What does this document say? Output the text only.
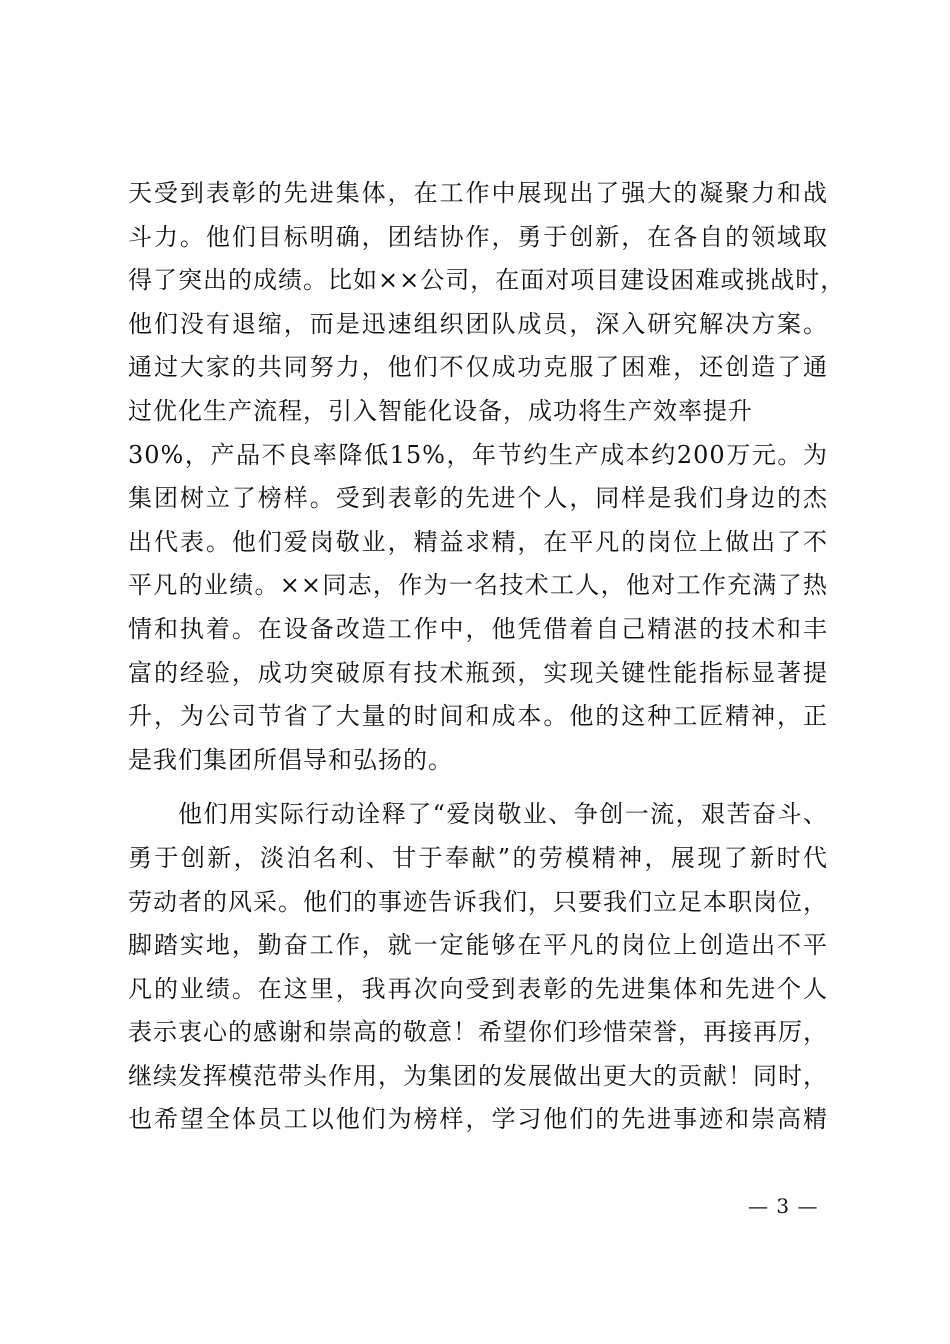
天受到表彰的先进集体，在工作中展现出了强大的凝聚力和战
斗力。他们目标明确，团结协作，勇于创新，在各自的领域取
得了突出的成绩。比如××公司，在面对项目建设困难或挑战时，
他们没有退缩，而是迅速组织团队成员，深入研究解决方案。
通过大家的共同努力，他们不仅成功克服了困难，还创造了通
过优化生产流程，引入智能化设备，成功将生产效率提升
30%，产品不良率降低15%，年节约生产成本约200万元。为
集团树立了榜样。受到表彰的先进个人，同样是我们身边的杰
出代表。他们爱岗敬业，精益求精，在平凡的岗位上做出了不
平凡的业绩。××同志，作为一名技术工人，他对工作充满了热
情和执着。在设备改造工作中，他凭借着自己精湛的技术和丰
富的经验，成功突破原有技术瓶颈，实现关键性能指标显著提
升，为公司节省了大量的时间和成本。他的这种工匠精神，正
是我们集团所倡导和弘扬的。
他们用实际行动诠释了“爱岗敬业、争创一流，艰苦奋斗、
勇于创新，淡泊名利、甘于奉献”的劳模精神，展现了新时代
劳动者的风采。他们的事迹告诉我们，只要我们立足本职岗位，
脚踏实地，勤奋工作，就一定能够在平凡的岗位上创造出不平
凡的业绩。在这里，我再次向受到表彰的先进集体和先进个人
表示衷心的感谢和崇高的敬意！希望你们珍惜荣誉，再接再厉，
继续发挥模范带头作用，为集团的发展做出更大的贡献！同时，
也希望全体员工以他们为榜样，学习他们的先进事迹和崇高精
— 3 —
